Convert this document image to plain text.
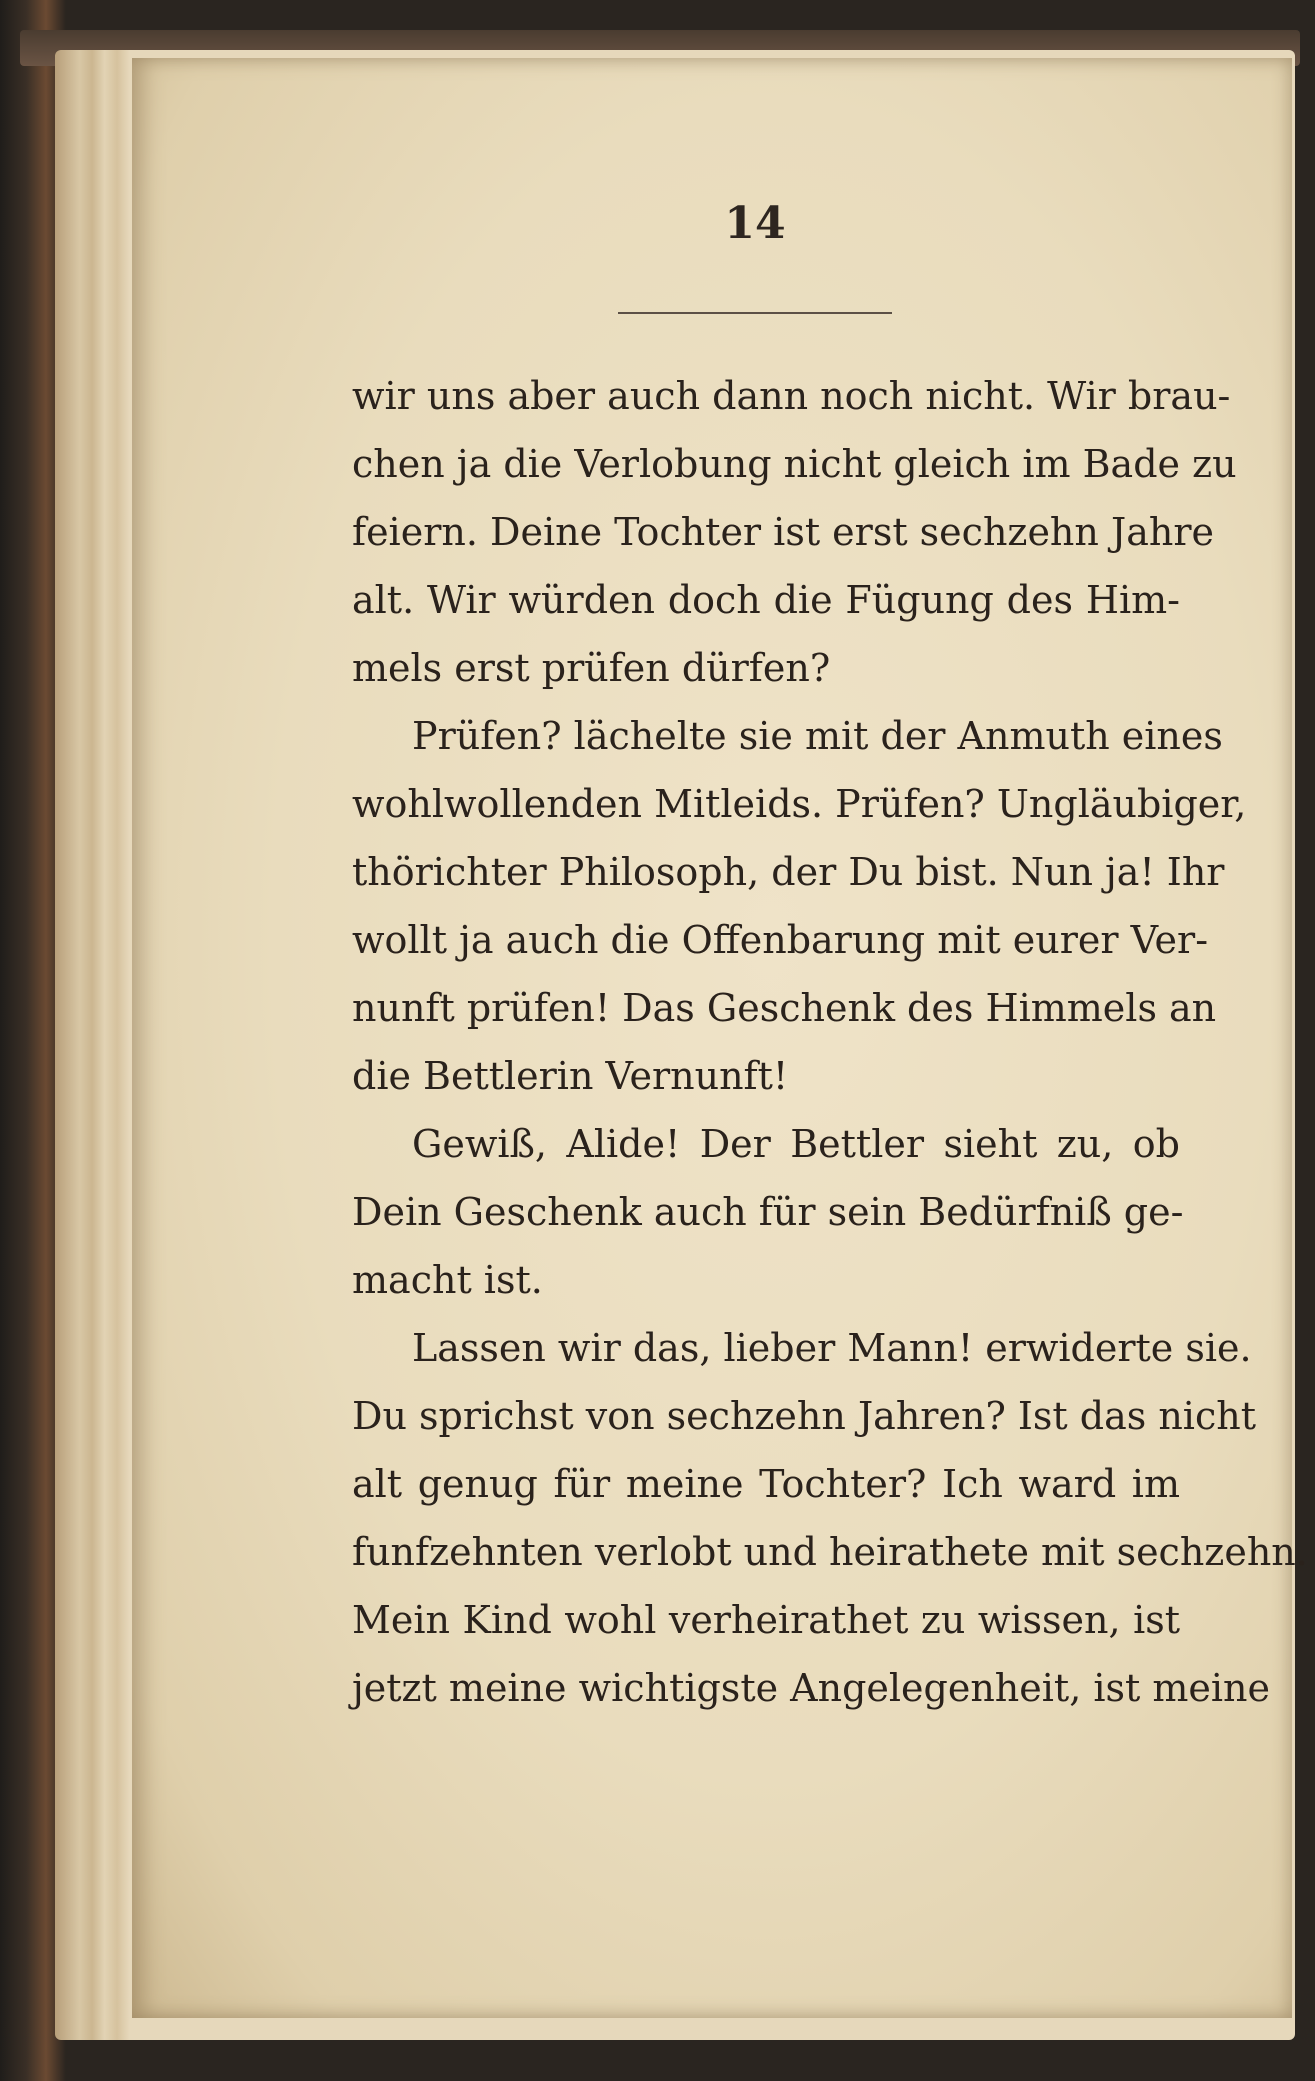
14
wir uns aber auch dann noch nicht. Wir brau-
chen ja die Verlobung nicht gleich im Bade zu
feiern. Deine Tochter ist erst sechzehn Jahre
alt. Wir würden doch die Fügung des Him-
mels erst prüfen dürfen?
Prüfen? lächelte sie mit der Anmuth eines
wohlwollenden Mitleids. Prüfen? Ungläubiger,
thörichter Philosoph, der Du bist. Nun ja! Ihr
wollt ja auch die Offenbarung mit eurer Ver-
nunft prüfen! Das Geschenk des Himmels an
die Bettlerin Vernunft!
Gewiß, Alide! Der Bettler sieht zu, ob
Dein Geschenk auch für sein Bedürfniß ge-
macht ist.
Lassen wir das, lieber Mann! erwiderte sie.
Du sprichst von sechzehn Jahren? Ist das nicht
alt genug für meine Tochter? Ich ward im
funfzehnten verlobt und heirathete mit sechzehn.
Mein Kind wohl verheirathet zu wissen, ist
jetzt meine wichtigste Angelegenheit, ist meine
